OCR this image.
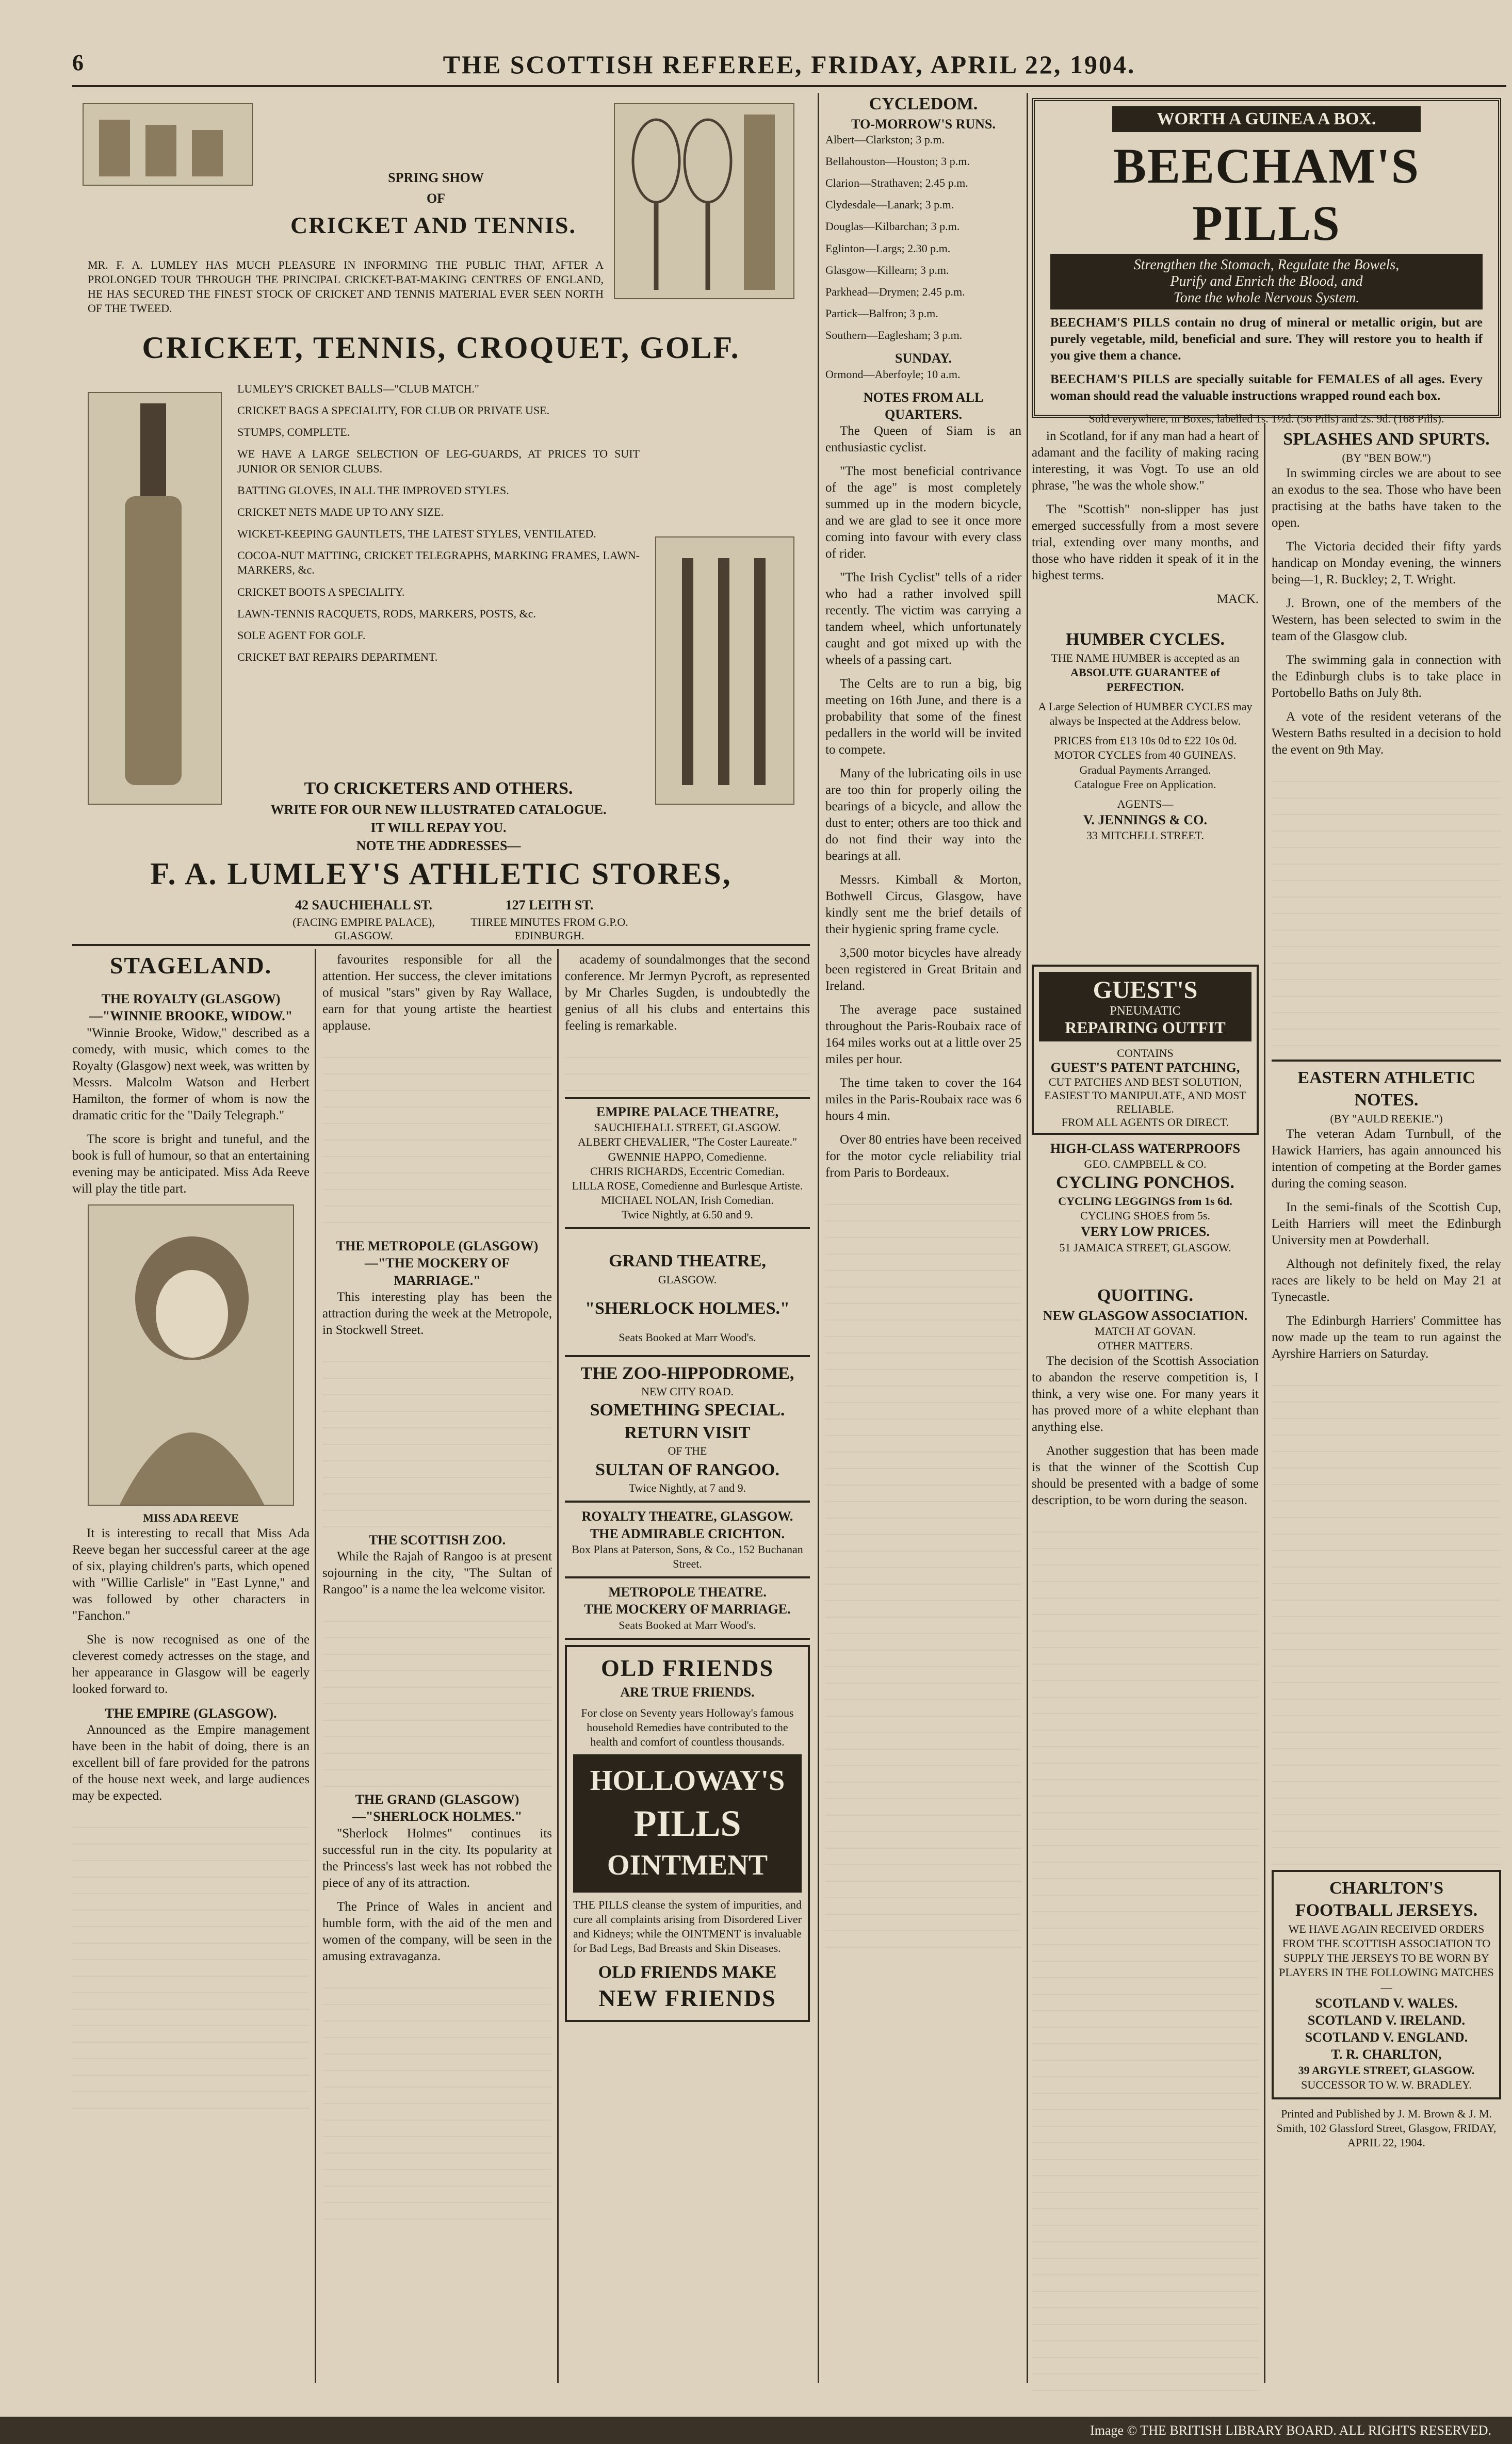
6	THE SCOTTISH REFEREE, FRIDAY, APRIL 22, 1904.
SPRING SHOW
OF
CRICKET AND TENNIS.
MR. F. A. LUMLEY HAS MUCH PLEASURE IN INFORMING THE PUBLIC THAT, AFTER A PROLONGED TOUR THROUGH THE PRINCIPAL CRICKET-BAT-MAKING CENTRES OF ENGLAND, HE HAS SECURED THE FINEST STOCK OF CRICKET AND TENNIS MATERIAL EVER SEEN NORTH OF THE TWEED.
CRICKET, TENNIS, CROQUET, GOLF.

LUMLEY'S CRICKET BALLS—"CLUB MATCH."

CRICKET BAGS A SPECIALITY, FOR CLUB OR PRIVATE USE.

STUMPS, COMPLETE.

WE HAVE A LARGE SELECTION OF LEG-GUARDS, AT PRICES TO SUIT JUNIOR OR SENIOR CLUBS.

BATTING GLOVES, IN ALL THE IMPROVED STYLES.

CRICKET NETS MADE UP TO ANY SIZE.

WICKET-KEEPING GAUNTLETS, THE LATEST STYLES, VENTILATED.

COCOA-NUT MATTING, CRICKET TELEGRAPHS, MARKING FRAMES, LAWN-MARKERS, &c.

CRICKET BOOTS A SPECIALITY.

LAWN-TENNIS RACQUETS, RODS, MARKERS, POSTS, &c.

SOLE AGENT FOR GOLF.

CRICKET BAT REPAIRS DEPARTMENT.

TO CRICKETERS AND OTHERS.
WRITE FOR OUR NEW ILLUSTRATED CATALOGUE.
IT WILL REPAY YOU.
NOTE THE ADDRESSES—
F. A. LUMLEY'S ATHLETIC STORES,
42 SAUCHIEHALL ST.
(FACING EMPIRE PALACE), GLASGOW.
127 LEITH ST.
THREE MINUTES FROM G.P.O. EDINBURGH.
CYCLEDOM.
TO-MORROW'S RUNS.

Albert—Clarkston; 3 p.m.

Bellahouston—Houston; 3 p.m.

Clarion—Strathaven; 2.45 p.m.

Clydesdale—Lanark; 3 p.m.

Douglas—Kilbarchan; 3 p.m.

Eglinton—Largs; 2.30 p.m.

Glasgow—Killearn; 3 p.m.

Parkhead—Drymen; 2.45 p.m.

Partick—Balfron; 3 p.m.

Southern—Eaglesham; 3 p.m.

SUNDAY.

Ormond—Aberfoyle; 10 a.m.

NOTES FROM ALL QUARTERS.

The Queen of Siam is an enthusiastic cyclist.

"The most beneficial contrivance of the age" is most completely summed up in the modern bicycle, and we are glad to see it once more coming into favour with every class of rider.

"The Irish Cyclist" tells of a rider who had a rather involved spill recently. The victim was carrying a tandem wheel, which unfortunately caught and got mixed up with the wheels of a passing cart.

The Celts are to run a big, big meeting on 16th June, and there is a probability that some of the finest pedallers in the world will be invited to compete.

Many of the lubricating oils in use are too thin for properly oiling the bearings of a bicycle, and allow the dust to enter; others are too thick and do not find their way into the bearings at all.

Messrs. Kimball & Morton, Bothwell Circus, Glasgow, have kindly sent me the brief details of their hygienic spring frame cycle.

3,500 motor bicycles have already been registered in Great Britain and Ireland.

The average pace sustained throughout the Paris-Roubaix race of 164 miles works out at a little over 25 miles per hour.

The time taken to cover the 164 miles in the Paris-Roubaix race was 6 hours 4 min.

Over 80 entries have been received for the motor cycle reliability trial from Paris to Bordeaux.

WORTH A GUINEA A BOX.
BEECHAM'S PILLS
Strengthen the Stomach, Regulate the Bowels,
Purify and Enrich the Blood, and
Tone the whole Nervous System.

BEECHAM'S PILLS contain no drug of mineral or metallic origin, but are purely vegetable, mild, beneficial and sure. They will restore you to health if you give them a chance.

BEECHAM'S PILLS are specially suitable for FEMALES of all ages. Every woman should read the valuable instructions wrapped round each box.

Sold everywhere, in Boxes, labelled 1s. 1½d. (56 Pills) and 2s. 9d. (168 Pills).

in Scotland, for if any man had a heart of adamant and the facility of making racing interesting, it was Vogt. To use an old phrase, "he was the whole show."

The "Scottish" non-slipper has just emerged successfully from a most severe trial, extending over many months, and those who have ridden it speak of it in the highest terms.

MACK.

HUMBER CYCLES.
THE NAME HUMBER is accepted as an
ABSOLUTE GUARANTEE of PERFECTION.
A Large Selection of HUMBER CYCLES may always be Inspected at the Address below.
PRICES from £13 10s 0d to £22 10s 0d.
MOTOR CYCLES from 40 GUINEAS.
Gradual Payments Arranged.
Catalogue Free on Application.
AGENTS—
V. JENNINGS & CO.
33 MITCHELL STREET.
GUEST'S
PNEUMATIC
REPAIRING OUTFIT
CONTAINS
GUEST'S PATENT PATCHING,
CUT PATCHES AND BEST SOLUTION, EASIEST TO MANIPULATE, AND MOST RELIABLE.
FROM ALL AGENTS OR DIRECT.
HIGH-CLASS WATERPROOFS
GEO. CAMPBELL & CO.
CYCLING PONCHOS.
CYCLING LEGGINGS from 1s 6d.
CYCLING SHOES from 5s.
VERY LOW PRICES.
51 JAMAICA STREET, GLASGOW.
QUOITING.
NEW GLASGOW ASSOCIATION.
MATCH AT GOVAN.
OTHER MATTERS.

The decision of the Scottish Association to abandon the reserve competition is, I think, a very wise one. For many years it has proved more of a white elephant than anything else.

Another suggestion that has been made is that the winner of the Scottish Cup should be presented with a badge of some description, to be worn during the season.

SPLASHES AND SPURTS.
(BY "BEN BOW.")

In swimming circles we are about to see an exodus to the sea. Those who have been practising at the baths have taken to the open.

The Victoria decided their fifty yards handicap on Monday evening, the winners being—1, R. Buckley; 2, T. Wright.

J. Brown, one of the members of the Western, has been selected to swim in the team of the Glasgow club.

The swimming gala in connection with the Edinburgh clubs is to take place in Portobello Baths on July 8th.

A vote of the resident veterans of the Western Baths resulted in a decision to hold the event on 9th May.

EASTERN ATHLETIC NOTES.
(BY "AULD REEKIE.")

The veteran Adam Turnbull, of the Hawick Harriers, has again announced his intention of competing at the Border games during the coming season.

In the semi-finals of the Scottish Cup, Leith Harriers will meet the Edinburgh University men at Powderhall.

Although not definitely fixed, the relay races are likely to be held on May 21 at Tynecastle.

The Edinburgh Harriers' Committee has now made up the team to run against the Ayrshire Harriers on Saturday.

CHARLTON'S FOOTBALL JERSEYS.
WE HAVE AGAIN RECEIVED ORDERS FROM THE SCOTTISH ASSOCIATION TO SUPPLY THE JERSEYS TO BE WORN BY PLAYERS IN THE FOLLOWING MATCHES—
SCOTLAND V. WALES.
SCOTLAND V. IRELAND.
SCOTLAND V. ENGLAND.
T. R. CHARLTON,
39 ARGYLE STREET, GLASGOW.
SUCCESSOR TO W. W. BRADLEY.

Printed and Published by J. M. Brown & J. M. Smith, 102 Glassford Street, Glasgow, FRIDAY, APRIL 22, 1904.

STAGELAND.
THE ROYALTY (GLASGOW)—"WINNIE BROOKE, WIDOW."

"Winnie Brooke, Widow," described as a comedy, with music, which comes to the Royalty (Glasgow) next week, was written by Messrs. Malcolm Watson and Herbert Hamilton, the former of whom is now the dramatic critic for the "Daily Telegraph."

The score is bright and tuneful, and the book is full of humour, so that an entertaining evening may be anticipated. Miss Ada Reeve will play the title part.

MISS ADA REEVE

It is interesting to recall that Miss Ada Reeve began her successful career at the age of six, playing children's parts, which opened with "Willie Carlisle" in "East Lynne," and was followed by other characters in "Fanchon."

She is now recognised as one of the cleverest comedy actresses on the stage, and her appearance in Glasgow will be eagerly looked forward to.

THE EMPIRE (GLASGOW).

Announced as the Empire management have been in the habit of doing, there is an excellent bill of fare provided for the patrons of the house next week, and large audiences may be expected.

favourites responsible for all the attention. Her success, the clever imitations of musical "stars" given by Ray Wallace, earn for that young artiste the heartiest applause.

THE METROPOLE (GLASGOW)—"THE MOCKERY OF MARRIAGE."

This interesting play has been the attraction during the week at the Metropole, in Stockwell Street.

THE SCOTTISH ZOO.

While the Rajah of Rangoo is at present sojourning in the city, "The Sultan of Rangoo" is a name the lea welcome visitor.

THE GRAND (GLASGOW)—"SHERLOCK HOLMES."

"Sherlock Holmes" continues its successful run in the city. Its popularity at the Princess's last week has not robbed the piece of any of its attraction.

The Prince of Wales in ancient and humble form, with the aid of the men and women of the company, will be seen in the amusing extravaganza.

academy of soundalmonges that the second conference. Mr Jermyn Pycroft, as represented by Mr Charles Sugden, is undoubtedly the genius of all his clubs and entertains this feeling is remarkable.

EMPIRE PALACE THEATRE,
SAUCHIEHALL STREET, GLASGOW.
ALBERT CHEVALIER, "The Coster Laureate."
GWENNIE HAPPO, Comedienne.
CHRIS RICHARDS, Eccentric Comedian.
LILLA ROSE, Comedienne and Burlesque Artiste.
MICHAEL NOLAN, Irish Comedian.
Twice Nightly, at 6.50 and 9.
GRAND THEATRE,
GLASGOW.
"SHERLOCK HOLMES."
Seats Booked at Marr Wood's.
THE ZOO-HIPPODROME,
NEW CITY ROAD.
SOMETHING SPECIAL.
RETURN VISIT
OF THE
SULTAN OF RANGOO.
Twice Nightly, at 7 and 9.
ROYALTY THEATRE, GLASGOW.
THE ADMIRABLE CRICHTON.
Box Plans at Paterson, Sons, & Co., 152 Buchanan Street.
METROPOLE THEATRE.
THE MOCKERY OF MARRIAGE.
Seats Booked at Marr Wood's.
OLD FRIENDS
ARE TRUE FRIENDS.
For close on Seventy years Holloway's famous household Remedies have contributed to the health and comfort of countless thousands.
HOLLOWAY'S
PILLS
OINTMENT
THE PILLS cleanse the system of impurities, and cure all complaints arising from Disordered Liver and Kidneys; while the OINTMENT is invaluable for Bad Legs, Bad Breasts and Skin Diseases.
OLD FRIENDS MAKE
NEW FRIENDS
Image © THE BRITISH LIBRARY BOARD. ALL RIGHTS RESERVED.
